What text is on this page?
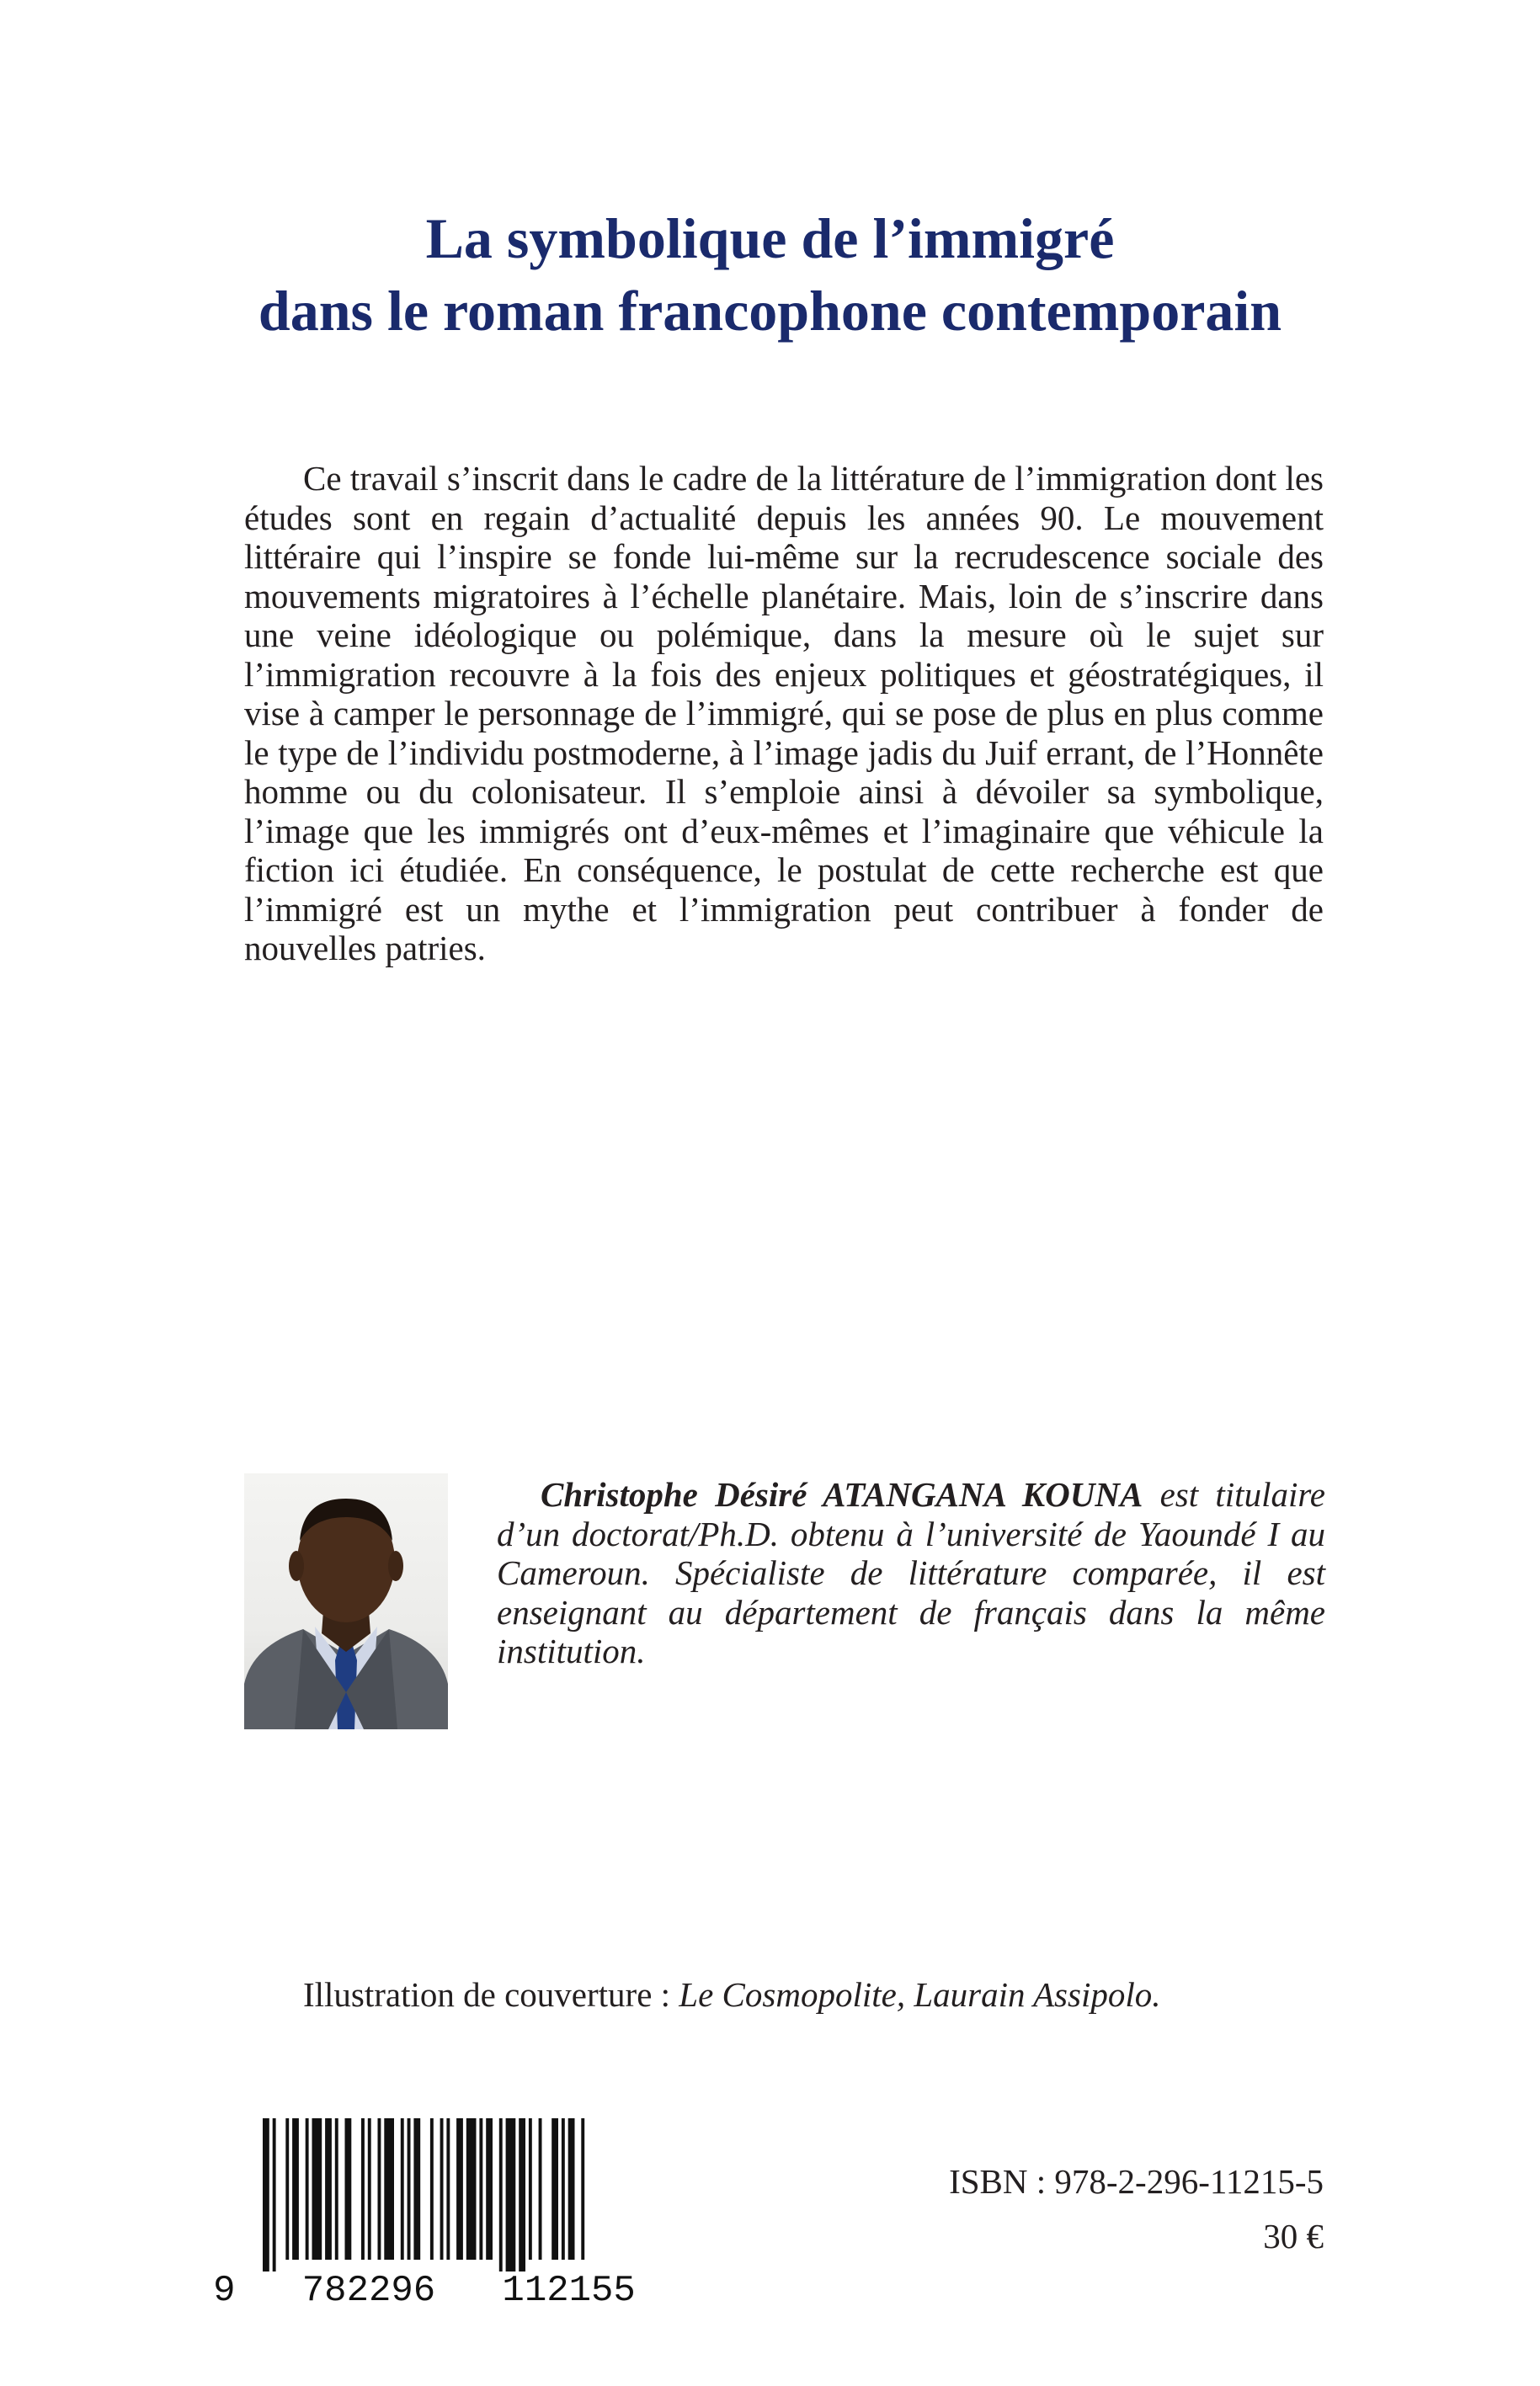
La symbolique de l’immigré
dans le roman francophone contemporain

Ce travail s’inscrit dans le cadre de la littérature de l’immigration dont les études sont en regain d’actualité depuis les années 90. Le mouvement littéraire qui l’inspire se fonde lui-même sur la recrudescence sociale des mouvements migratoires à l’échelle planétaire. Mais, loin de s’inscrire dans une veine idéologique ou polémique, dans la mesure où le sujet sur l’immigration recouvre à la fois des enjeux politiques et géostratégiques, il vise à camper le personnage de l’immigré, qui se pose de plus en plus comme le type de l’individu postmoderne, à l’image jadis du Juif errant, de l’Honnête homme ou du colonisateur. Il s’emploie ainsi à dévoiler sa symbolique, l’image que les immigrés ont d’eux-mêmes et l’imaginaire que véhicule la fiction ici étudiée. En conséquence, le postulat de cette recherche est que l’immigré est un mythe et l’immigration peut contribuer à fonder de nouvelles patries.

Christophe Désiré ATANGANA KOUNA est titulaire d’un doctorat/Ph.D. obtenu à l’université de Yaoundé I au Cameroun. Spécialiste de littérature comparée, il est enseignant au département de français dans la même institution.

Illustration de couverture : Le Cosmopolite, Laurain Assipolo.
9   782296   112155
ISBN : 978-2-296-11215-5
30 €
